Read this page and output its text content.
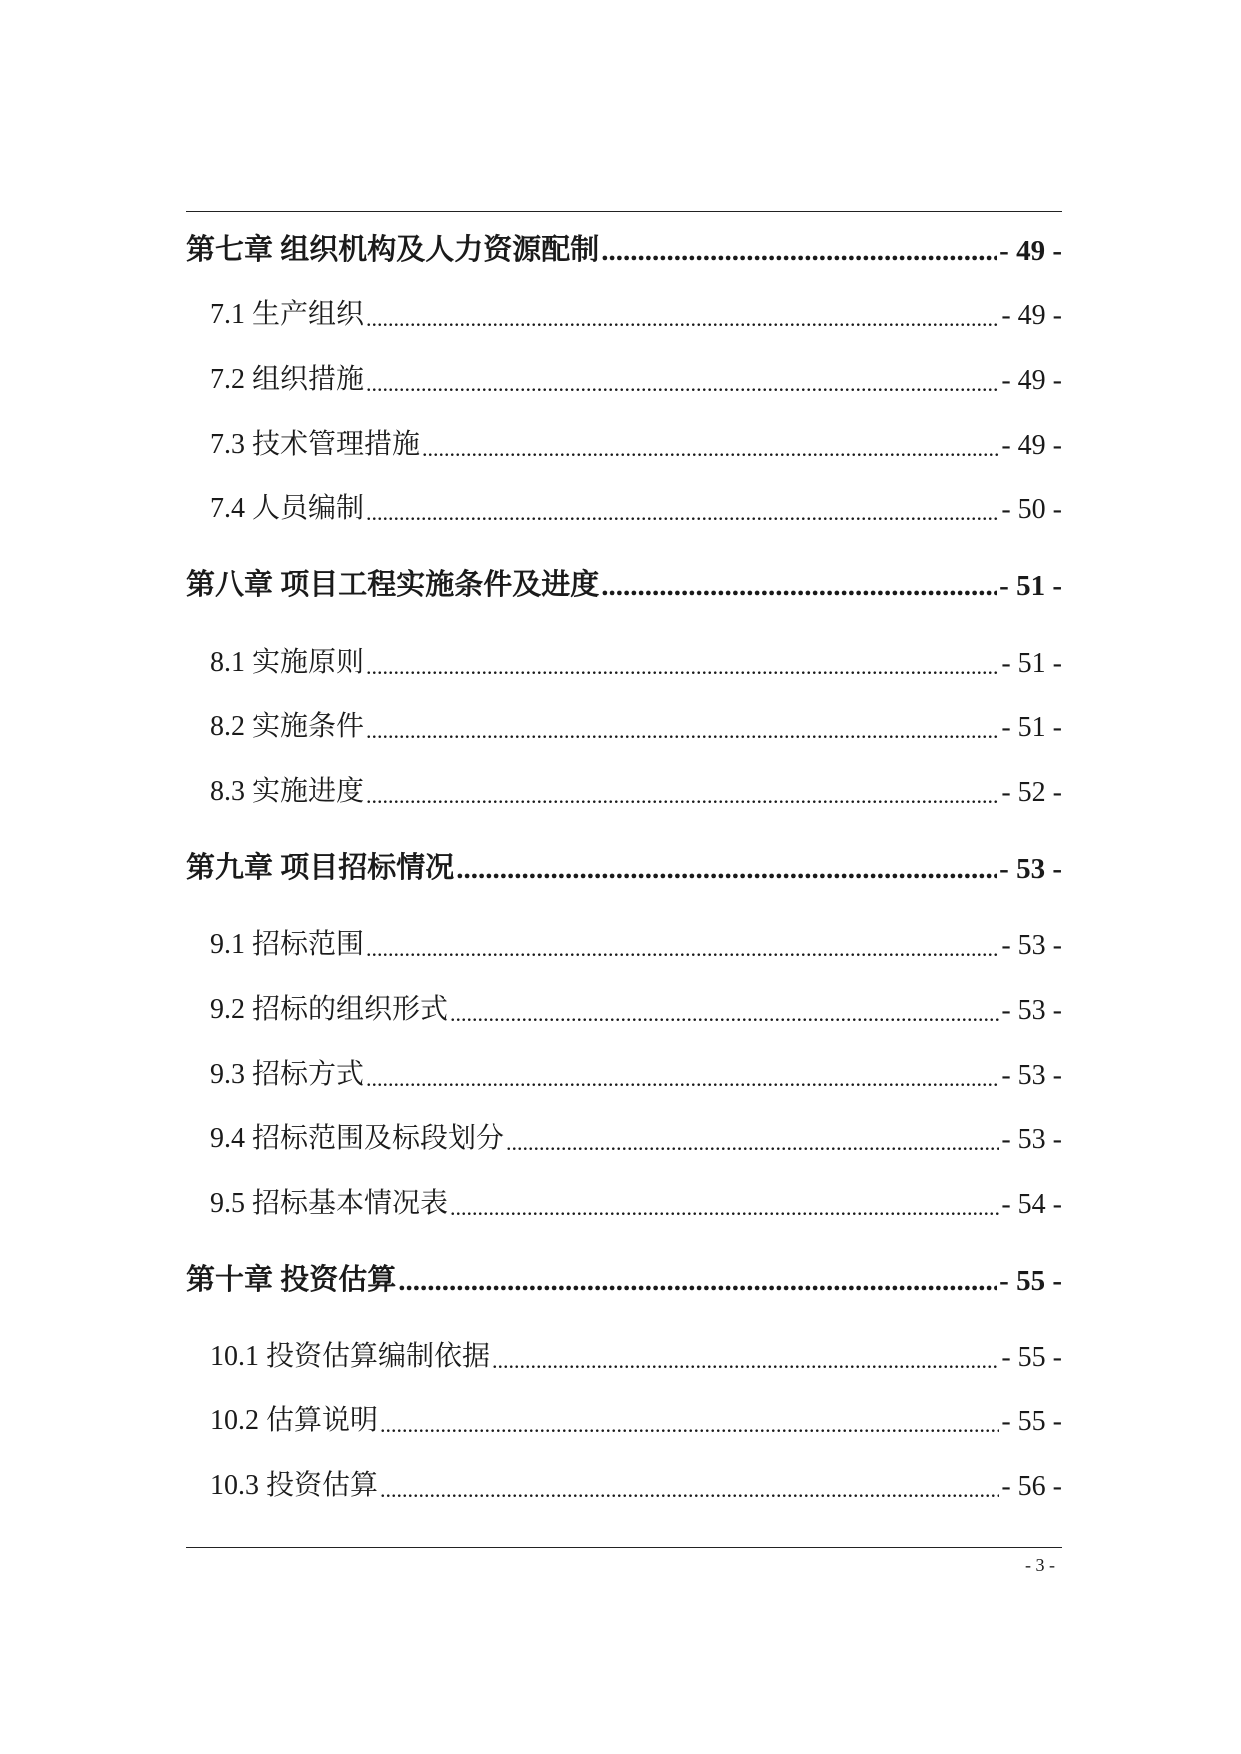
第七章 组织机构及人力资源配制 .....	- 49 -
7.1 生产组织 .....	- 49 -
7.2 组织措施 .....	- 49 -
7.3 技术管理措施 .....	- 49 -
7.4 人员编制 .....	- 50 -
第八章 项目工程实施条件及进度 .....	- 51 -
8.1 实施原则 .....	- 51 -
8.2 实施条件 .....	- 51 -
8.3 实施进度 .....	- 52 -
第九章 项目招标情况 .....	- 53 -
9.1 招标范围 .....	- 53 -
9.2 招标的组织形式 .....	- 53 -
9.3 招标方式 .....	- 53 -
9.4 招标范围及标段划分 .....	- 53 -
9.5 招标基本情况表 .....	- 54 -
第十章 投资估算 .....	- 55 -
10.1 投资估算编制依据 .....	- 55 -
10.2 估算说明 .....	- 55 -
10.3 投资估算 .....	- 56 -
- 3 -
